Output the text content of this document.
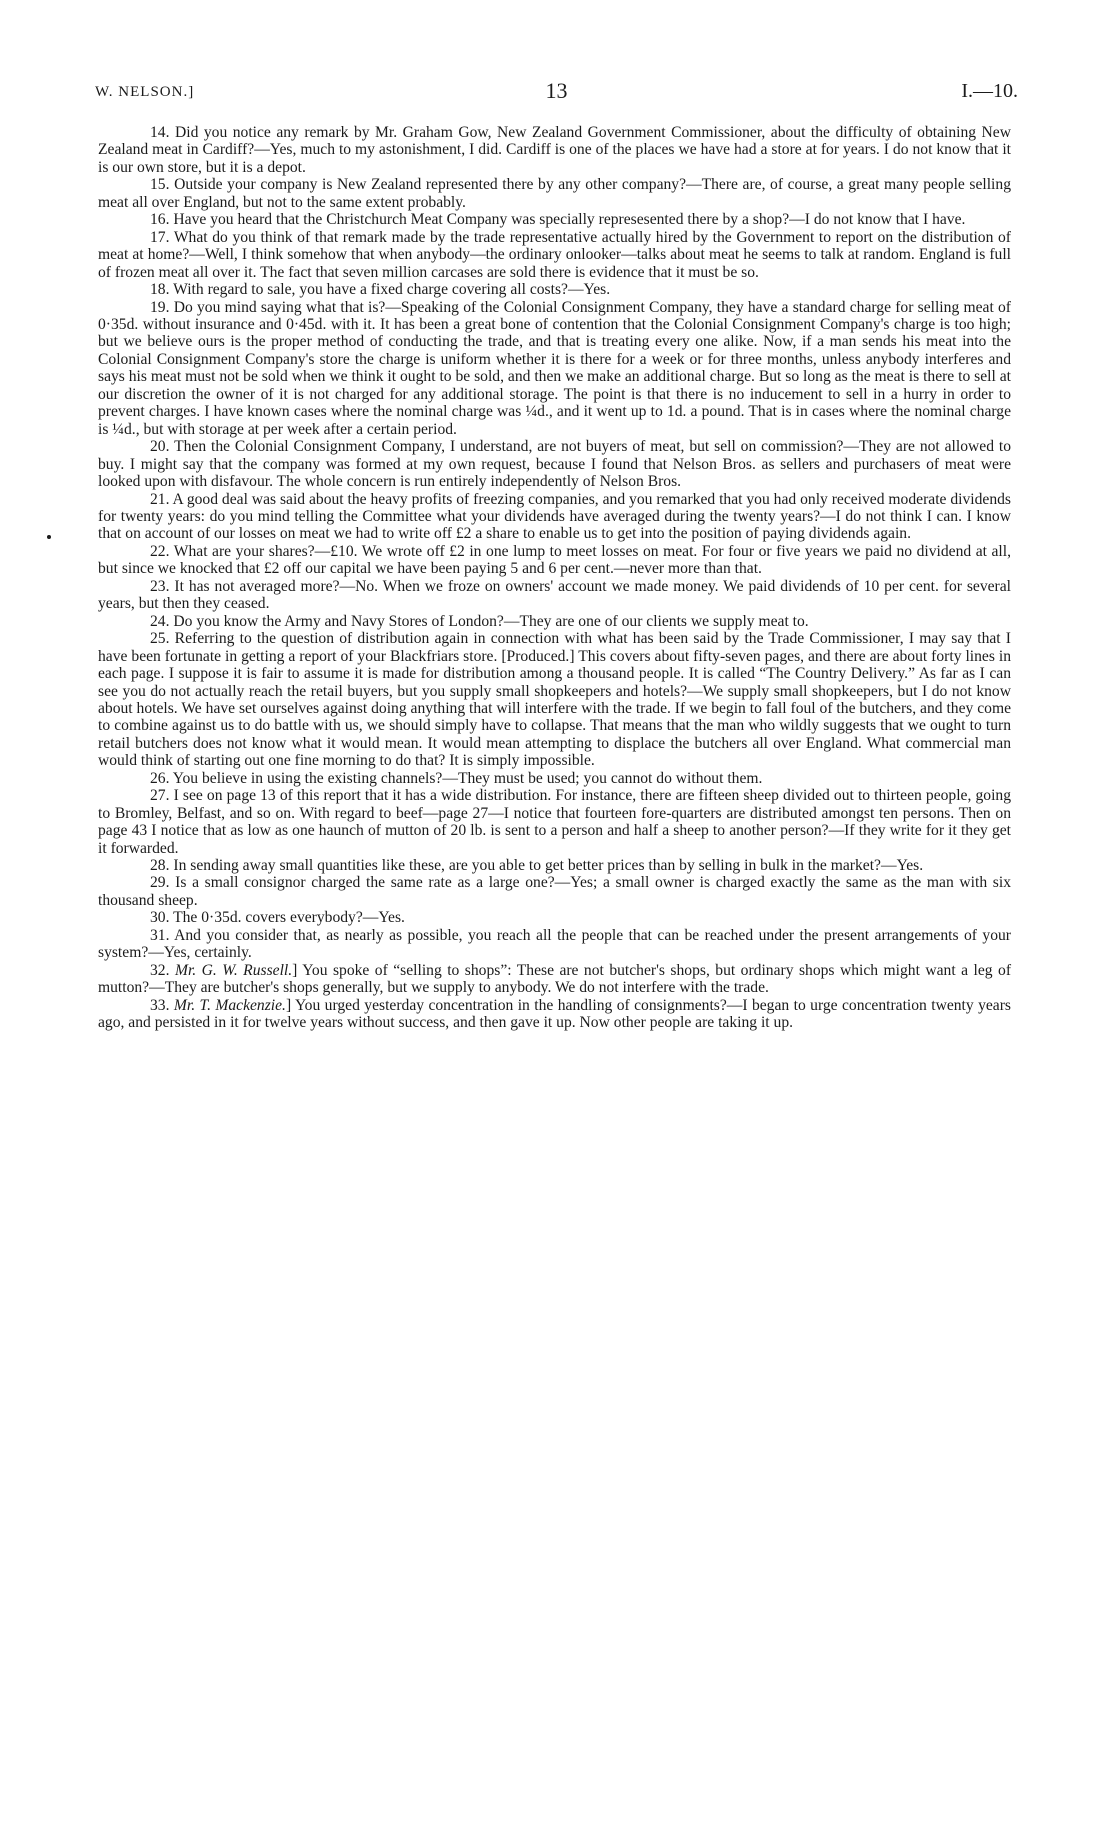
W. NELSON.]	13	I.—10.

14. Did you notice any remark by Mr. Graham Gow, New Zealand Government Commissioner, about the difficulty of obtaining New Zealand meat in Cardiff?—Yes, much to my astonishment, I did. Cardiff is one of the places we have had a store at for years. I do not know that it is our own store, but it is a depot.

15. Outside your company is New Zealand represented there by any other company?—There are, of course, a great many people selling meat all over England, but not to the same extent probably.

16. Have you heard that the Christchurch Meat Company was specially represesented there by a shop?—I do not know that I have.

17. What do you think of that remark made by the trade representative actually hired by the Government to report on the distribution of meat at home?—Well, I think somehow that when anybody—the ordinary onlooker—talks about meat he seems to talk at random. England is full of frozen meat all over it. The fact that seven million carcases are sold there is evidence that it must be so.

18. With regard to sale, you have a fixed charge covering all costs?—Yes.

19. Do you mind saying what that is?—Speaking of the Colonial Consignment Company, they have a standard charge for selling meat of 0·35d. without insurance and 0·45d. with it. It has been a great bone of contention that the Colonial Consignment Company's charge is too high; but we believe ours is the proper method of conducting the trade, and that is treating every one alike. Now, if a man sends his meat into the Colonial Consignment Company's store the charge is uniform whether it is there for a week or for three months, unless anybody interferes and says his meat must not be sold when we think it ought to be sold, and then we make an additional charge. But so long as the meat is there to sell at our discretion the owner of it is not charged for any additional storage. The point is that there is no inducement to sell in a hurry in order to prevent charges. I have known cases where the nominal charge was ¼d., and it went up to 1d. a pound. That is in cases where the nominal charge is ¼d., but with storage at per week after a certain period.

20. Then the Colonial Consignment Company, I understand, are not buyers of meat, but sell on commission?—They are not allowed to buy. I might say that the company was formed at my own request, because I found that Nelson Bros. as sellers and purchasers of meat were looked upon with disfavour. The whole concern is run entirely independently of Nelson Bros.

21. A good deal was said about the heavy profits of freezing companies, and you remarked that you had only received moderate dividends for twenty years: do you mind telling the Committee what your dividends have averaged during the twenty years?—I do not think I can. I know that on account of our losses on meat we had to write off £2 a share to enable us to get into the position of paying dividends again.

22. What are your shares?—£10. We wrote off £2 in one lump to meet losses on meat. For four or five years we paid no dividend at all, but since we knocked that £2 off our capital we have been paying 5 and 6 per cent.—never more than that.

23. It has not averaged more?—No. When we froze on owners' account we made money. We paid dividends of 10 per cent. for several years, but then they ceased.

24. Do you know the Army and Navy Stores of London?—They are one of our clients we supply meat to.

25. Referring to the question of distribution again in connection with what has been said by the Trade Commissioner, I may say that I have been fortunate in getting a report of your Blackfriars store. [Produced.] This covers about fifty-seven pages, and there are about forty lines in each page. I suppose it is fair to assume it is made for distribution among a thousand people. It is called “The Country Delivery.” As far as I can see you do not actually reach the retail buyers, but you supply small shopkeepers and hotels?—We supply small shopkeepers, but I do not know about hotels. We have set ourselves against doing anything that will interfere with the trade. If we begin to fall foul of the butchers, and they come to combine against us to do battle with us, we should simply have to collapse. That means that the man who wildly suggests that we ought to turn retail butchers does not know what it would mean. It would mean attempting to displace the butchers all over England. What commercial man would think of starting out one fine morning to do that? It is simply impossible.

26. You believe in using the existing channels?—They must be used; you cannot do without them.

27. I see on page 13 of this report that it has a wide distribution. For instance, there are fifteen sheep divided out to thirteen people, going to Bromley, Belfast, and so on. With regard to beef—page 27—I notice that fourteen fore-quarters are distributed amongst ten persons. Then on page 43 I notice that as low as one haunch of mutton of 20 lb. is sent to a person and half a sheep to another person?—If they write for it they get it forwarded.

28. In sending away small quantities like these, are you able to get better prices than by selling in bulk in the market?—Yes.

29. Is a small consignor charged the same rate as a large one?—Yes; a small owner is charged exactly the same as the man with six thousand sheep.

30. The 0·35d. covers everybody?—Yes.

31. And you consider that, as nearly as possible, you reach all the people that can be reached under the present arrangements of your system?—Yes, certainly.

32. Mr. G. W. Russell.] You spoke of “selling to shops”: These are not butcher's shops, but ordinary shops which might want a leg of mutton?—They are butcher's shops generally, but we supply to anybody. We do not interfere with the trade.

33. Mr. T. Mackenzie.] You urged yesterday concentration in the handling of consignments?—I began to urge concentration twenty years ago, and persisted in it for twelve years without success, and then gave it up. Now other people are taking it up.
